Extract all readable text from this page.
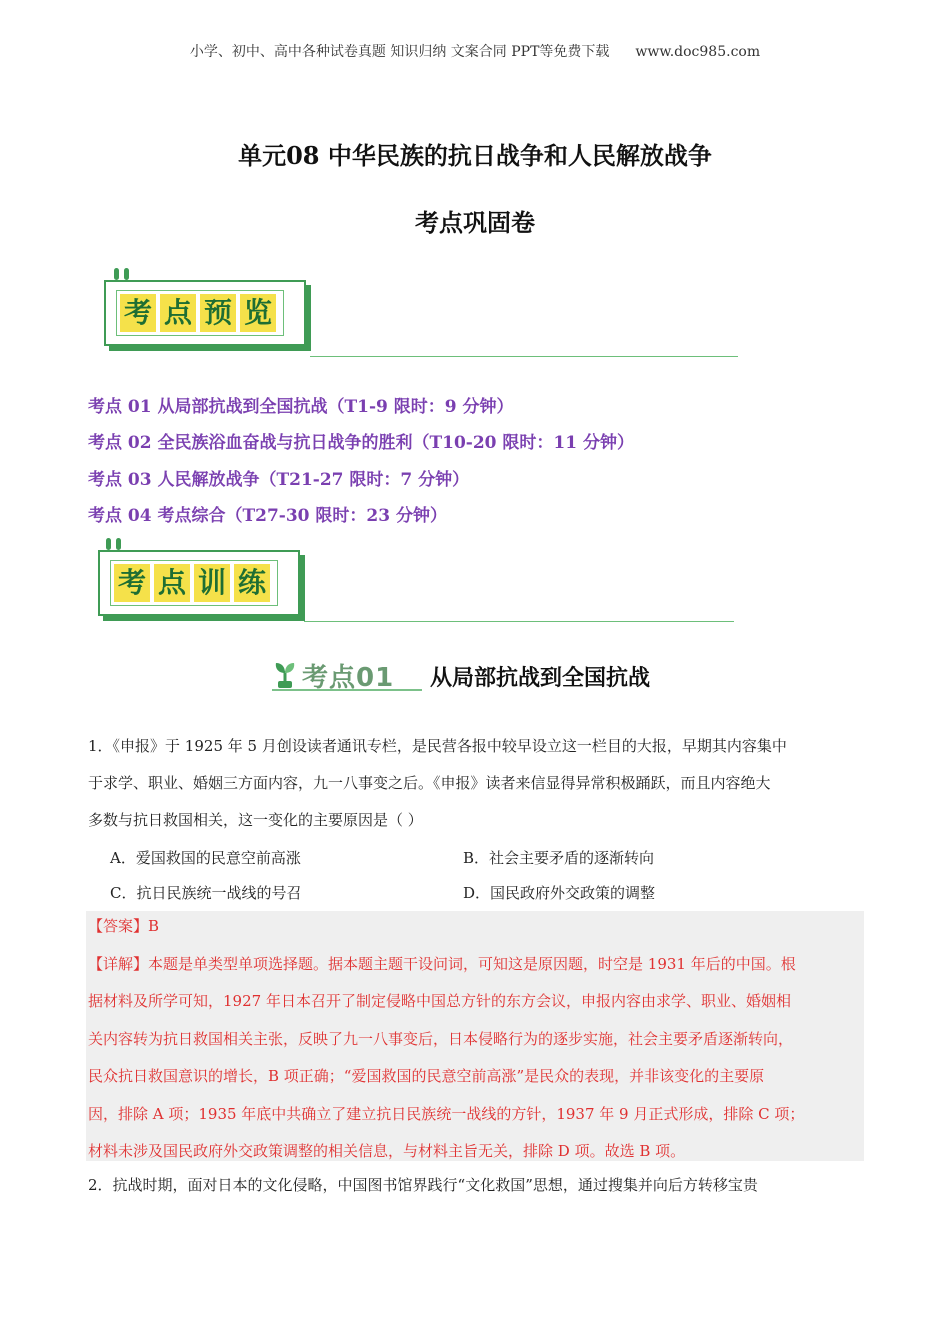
小学、初中、高中各种试卷真题 知识归纳 文案合同 PPT等免费下载 www.doc985.com
单元08 中华民族的抗日战争和人民解放战争
考点巩固卷
考 点 预 览
考点 01 从局部抗战到全国抗战（T1-9 限时：9 分钟）
考点 02 全民族浴血奋战与抗日战争的胜利（T10-20 限时：11 分钟）
考点 03 人民解放战争（T21-27 限时：7 分钟）
考点 04 考点综合（T27-30 限时：23 分钟）
考 点 训 练
考点01 从局部抗战到全国抗战
1．《申报》于 1925 年 5 月创设读者通讯专栏，是民营各报中较早设立这一栏目的大报，早期其内容集中
于求学、职业、婚姻三方面内容，九一八事变之后。《申报》读者来信显得异常积极踊跃，而且内容绝大
多数与抗日救国相关，这一变化的主要原因是（ ）
A．爱国救国的民意空前高涨	B．社会主要矛盾的逐渐转向
C．抗日民族统一战线的号召	D．国民政府外交政策的调整
【答案】B
【详解】本题是单类型单项选择题。据本题主题干设问词，可知这是原因题，时空是 1931 年后的中国。根
据材料及所学可知，1927 年日本召开了制定侵略中国总方针的东方会议，申报内容由求学、职业、婚姻相
关内容转为抗日救国相关主张，反映了九一八事变后，日本侵略行为的逐步实施，社会主要矛盾逐渐转向，
民众抗日救国意识的增长，B 项正确；“爱国救国的民意空前高涨”是民众的表现，并非该变化的主要原
因，排除 A 项；1935 年底中共确立了建立抗日民族统一战线的方针，1937 年 9 月正式形成，排除 C 项；
材料未涉及国民政府外交政策调整的相关信息，与材料主旨无关，排除 D 项。故选 B 项。
2．抗战时期，面对日本的文化侵略，中国图书馆界践行“文化救国”思想，通过搜集并向后方转移宝贵
